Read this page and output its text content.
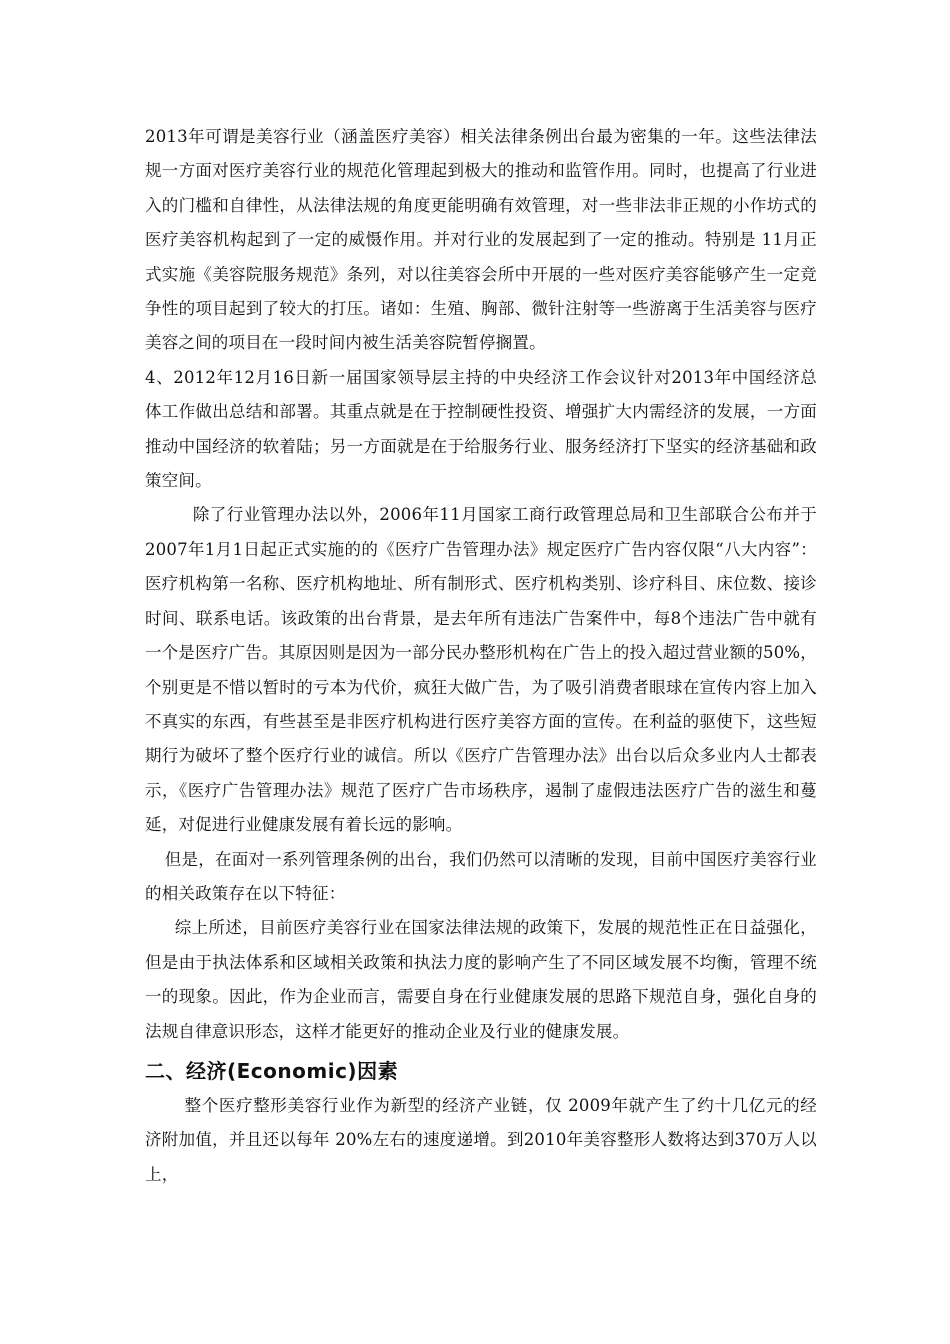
2013年可谓是美容行业（涵盖医疗美容）相关法律条例出台最为密集的一年。这些法律法规一方面对医疗美容行业的规范化管理起到极大的推动和监管作用。同时，也提高了行业进入的门槛和自律性，从法律法规的角度更能明确有效管理，对一些非法非正规的小作坊式的医疗美容机构起到了一定的威慑作用。并对行业的发展起到了一定的推动。特别是 11月正式实施《美容院服务规范》条列，对以往美容会所中开展的一些对医疗美容能够产生一定竞争性的项目起到了较大的打压。诸如：生殖、胸部、微针注射等一些游离于生活美容与医疗美容之间的项目在一段时间内被生活美容院暂停搁置。

4、2012年12月16日新一届国家领导层主持的中央经济工作会议针对2013年中国经济总体工作做出总结和部署。其重点就是在于控制硬性投资、增强扩大内需经济的发展，一方面推动中国经济的软着陆；另一方面就是在于给服务行业、服务经济打下坚实的经济基础和政策空间。

除了行业管理办法以外，2006年11月国家工商行政管理总局和卫生部联合公布并于2007年1月1日起正式实施的的《医疗广告管理办法》规定医疗广告内容仅限“八大内容”：医疗机构第一名称、医疗机构地址、所有制形式、医疗机构类别、诊疗科目、床位数、接诊时间、联系电话。该政策的出台背景，是去年所有违法广告案件中，每8个违法广告中就有一个是医疗广告。其原因则是因为一部分民办整形机构在广告上的投入超过营业额的50%，个别更是不惜以暂时的亏本为代价，疯狂大做广告，为了吸引消费者眼球在宣传内容上加入不真实的东西，有些甚至是非医疗机构进行医疗美容方面的宣传。在利益的驱使下，这些短期行为破坏了整个医疗行业的诚信。所以《医疗广告管理办法》出台以后众多业内人士都表示，《医疗广告管理办法》规范了医疗广告市场秩序，遏制了虚假违法医疗广告的滋生和蔓延，对促进行业健康发展有着长远的影响。

但是，在面对一系列管理条例的出台，我们仍然可以清晰的发现，目前中国医疗美容行业的相关政策存在以下特征：

综上所述，目前医疗美容行业在国家法律法规的政策下，发展的规范性正在日益强化，但是由于执法体系和区域相关政策和执法力度的影响产生了不同区域发展不均衡，管理不统一的现象。因此，作为企业而言，需要自身在行业健康发展的思路下规范自身，强化自身的法规自律意识形态，这样才能更好的推动企业及行业的健康发展。

二、经济(Economic)因素

整个医疗整形美容行业作为新型的经济产业链，仅 2009年就产生了约十几亿元的经济附加值，并且还以每年 20%左右的速度递增。到2010年美容整形人数将达到370万人以上，
